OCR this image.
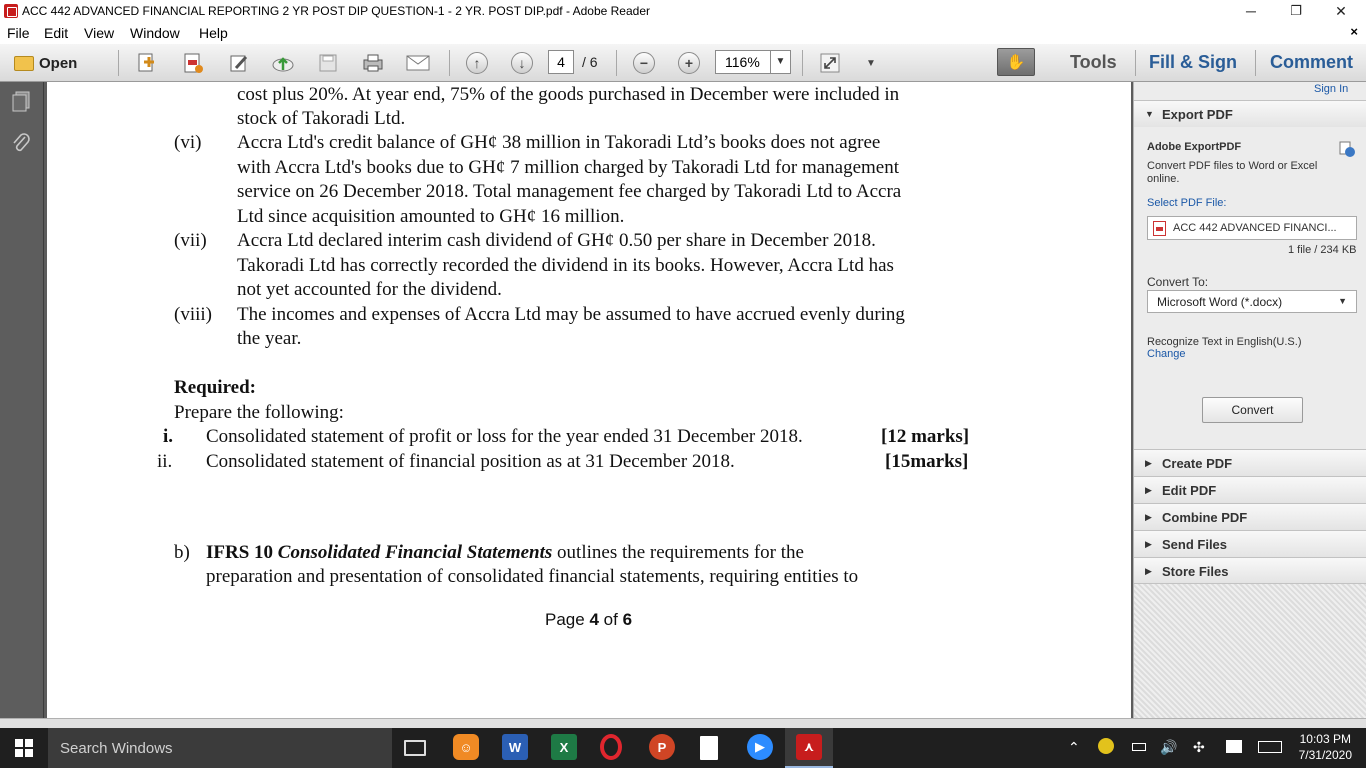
ACC 442 ADVANCED FINANCIAL REPORTING 2 YR POST DIP QUESTION-1 - 2 YR. POST DIP.pdf - Adobe Reader	─	❐	✕
File Edit View Window Help	×
Open	↑	↓	−	+	▼
4	/ 6	116%	▼	✋ Tools Fill & Sign Comment
cost plus 20%. At year end, 75% of the goods purchased in December were included in
stock of Takoradi Ltd.
(vi) Accra Ltd's credit balance of GH¢ 38 million in Takoradi Ltd’s books does not agree
with Accra Ltd's books due to GH¢ 7 million charged by Takoradi Ltd for management
service on 26 December 2018. Total management fee charged by Takoradi Ltd to Accra
Ltd since acquisition amounted to GH¢ 16 million.
(vii) Accra Ltd declared interim cash dividend of GH¢ 0.50 per share in December 2018.
Takoradi Ltd has correctly recorded the dividend in its books. However, Accra Ltd has
not yet accounted for the dividend.
(viii) The incomes and expenses of Accra Ltd may be assumed to have accrued evenly during
the year.
Required:
Prepare the following:
i. Consolidated statement of profit or loss for the year ended 31 December 2018.	[12 marks]
ii. Consolidated statement of financial position as at 31 December 2018.	[15marks]
b) IFRS 10 Consolidated Financial Statements outlines the requirements for the
preparation and presentation of consolidated financial statements, requiring entities to
Page 4 of 6
Sign In
▼ Export PDF
Adobe ExportPDF
Convert PDF files to Word or Excel
online.
Select PDF File:
ACC 442 ADVANCED FINANCI...
1 file / 234 KB
Convert To:
Microsoft Word (*.docx)	▼
Recognize Text in English(U.S.)
Change
Convert
▶ Create PDF
▶ Edit PDF
▶ Combine PDF
▶ Send Files
▶ Store Files
Search Windows	☺	W	X	P	▶	⋏	⌃	🔊 ✣	10:03 PM
7/31/2020
